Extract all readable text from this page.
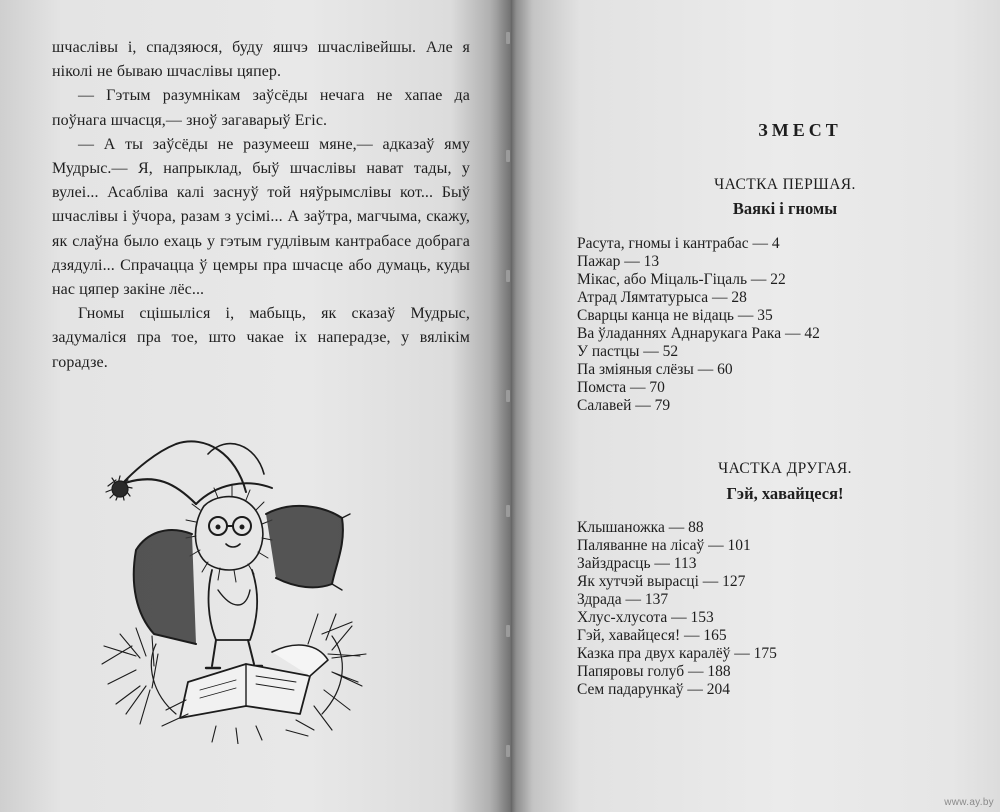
шчаслівы і, спадзяюся, буду яшчэ шчаслівейшы. Але я ніколі не бываю шчаслівы цяпер.

— Гэтым разумнікам заўсёды нечага не хапае да поўнага шчасця,— зноў загаварыў Егіс.

— А ты заўсёды не разумееш мяне,— адказаў яму Мудрыс.— Я, напрыклад, быў шчаслівы нават тады, у вулеі... Асабліва калі заснуў той няўрымслівы кот... Быў шчаслівы і ўчора, разам з усімі... А заўтра, магчыма, скажу, як слаўна было ехаць у гэтым гудлівым кантрабасе добрага дзядулі... Спрачацца ў цемры пра шчасце або думаць, куды нас цяпер закіне лёс...

Гномы сцішыліся і, мабыць, як сказаў Мудрыс, задумаліся пра тое, што чакае іх наперадзе, у вялікім горадзе.

ЗМЕСТ
ЧАСТКА ПЕРШАЯ.
Ваякі і гномы
Расута, гномы і кантрабас — 4
Пажар — 13
Мікас, або Міцаль-Гіцаль — 22
Атрад Лямтатурыса — 28
Сварцы канца не відаць — 35
Ва ўладаннях Аднарукага Рака — 42
У пастцы — 52
Па зміяныя слёзы — 60
Помста — 70
Салавей — 79
ЧАСТКА ДРУГАЯ.
Гэй, хавайцеся!
Клышаножка — 88
Паляванне на лісаў — 101
Зайздрасць — 113
Як хутчэй вырасці — 127
Здрада — 137
Хлус-хлусота — 153
Гэй, хавайцеся! — 165
Казка пра двух каралёў — 175
Папяровы голуб — 188
Сем падарункаў — 204
www.ay.by
